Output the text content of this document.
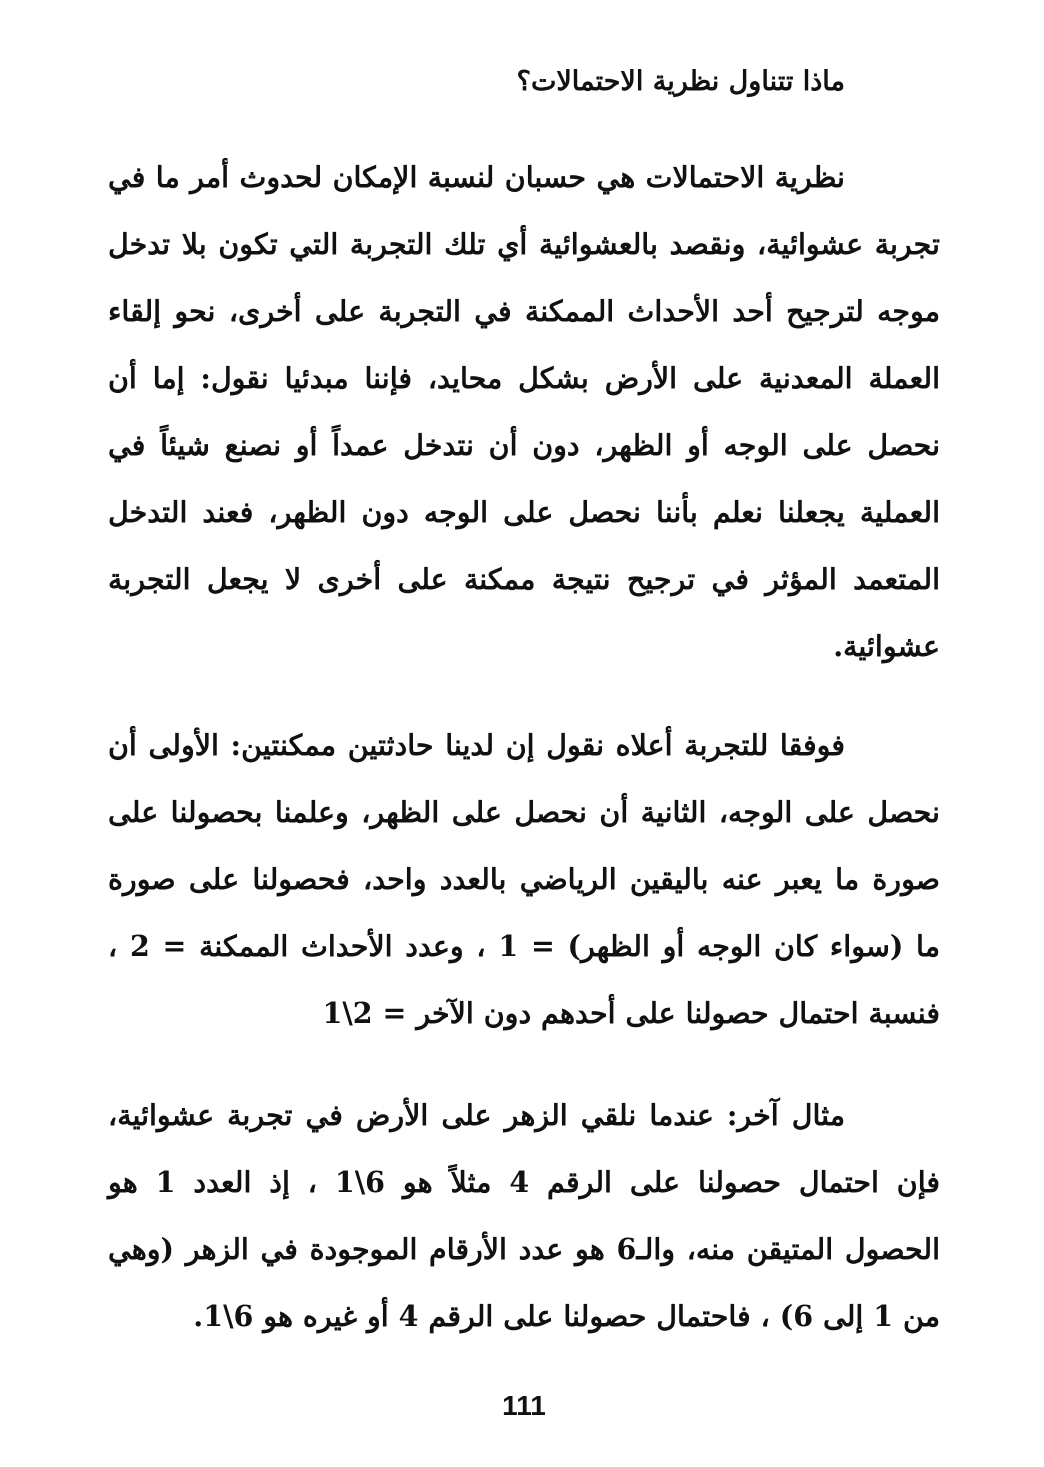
ماذا تتناول نظرية الاحتمالات؟

نظرية الاحتمالات هي حسبان لنسبة الإمكان لحدوث أمر ما في تجربة عشوائية، ونقصد بالعشوائية أي تلك التجربة التي تكون بلا تدخل موجه لترجيح أحد الأحداث الممكنة في التجربة على أخرى، نحو إلقاء العملة المعدنية على الأرض بشكل محايد، فإننا مبدئيا نقول: إما أن نحصل على الوجه أو الظهر، دون أن نتدخل عمداً أو نصنع شيئاً في العملية يجعلنا نعلم بأننا نحصل على الوجه دون الظهر، فعند التدخل المتعمد المؤثر في ترجيح نتيجة ممكنة على أخرى لا يجعل التجربة عشوائية.

فوفقا للتجربة أعلاه نقول إن لدينا حادثتين ممكنتين: الأولى أن نحصل على الوجه، الثانية أن نحصل على الظهر، وعلمنا بحصولنا على صورة ما يعبر عنه باليقين الرياضي بالعدد واحد، فحصولنا على صورة ما (سواء كان الوجه أو الظهر) = 1 ، وعدد الأحداث الممكنة = 2 ، فنسبة احتمال حصولنا على أحدهم دون الآخر = 2\1

مثال آخر: عندما نلقي الزهر على الأرض في تجربة عشوائية، فإن احتمال حصولنا على الرقم 4 مثلاً هو 6\1 ، إذ العدد 1 هو الحصول المتيقن منه، والـ6 هو عدد الأرقام الموجودة في الزهر (وهي من 1 إلى 6) ، فاحتمال حصولنا على الرقم 4 أو غيره هو 6\1.

111
